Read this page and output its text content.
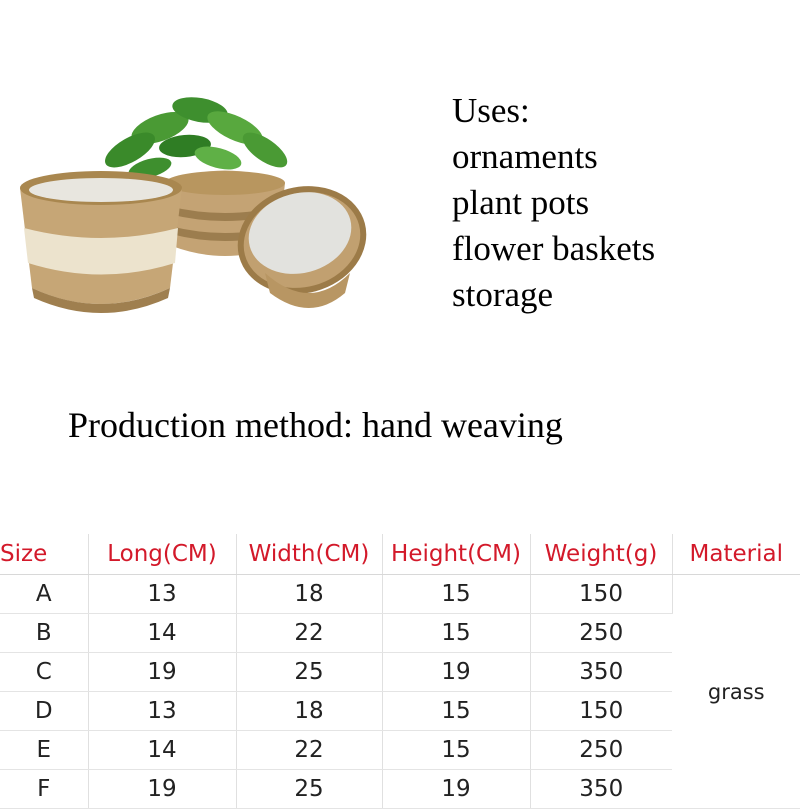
Uses:
ornaments
plant pots
flower baskets
storage
Production method: hand weaving
Size	Long(CM)	Width(CM)	Height(CM)	Weight(g)	Material
A	13	18	15	150	grass
B	14	22	15	250	
C	19	25	19	350	
D	13	18	15	150	
E	14	22	15	250	
F	19	25	19	350	
